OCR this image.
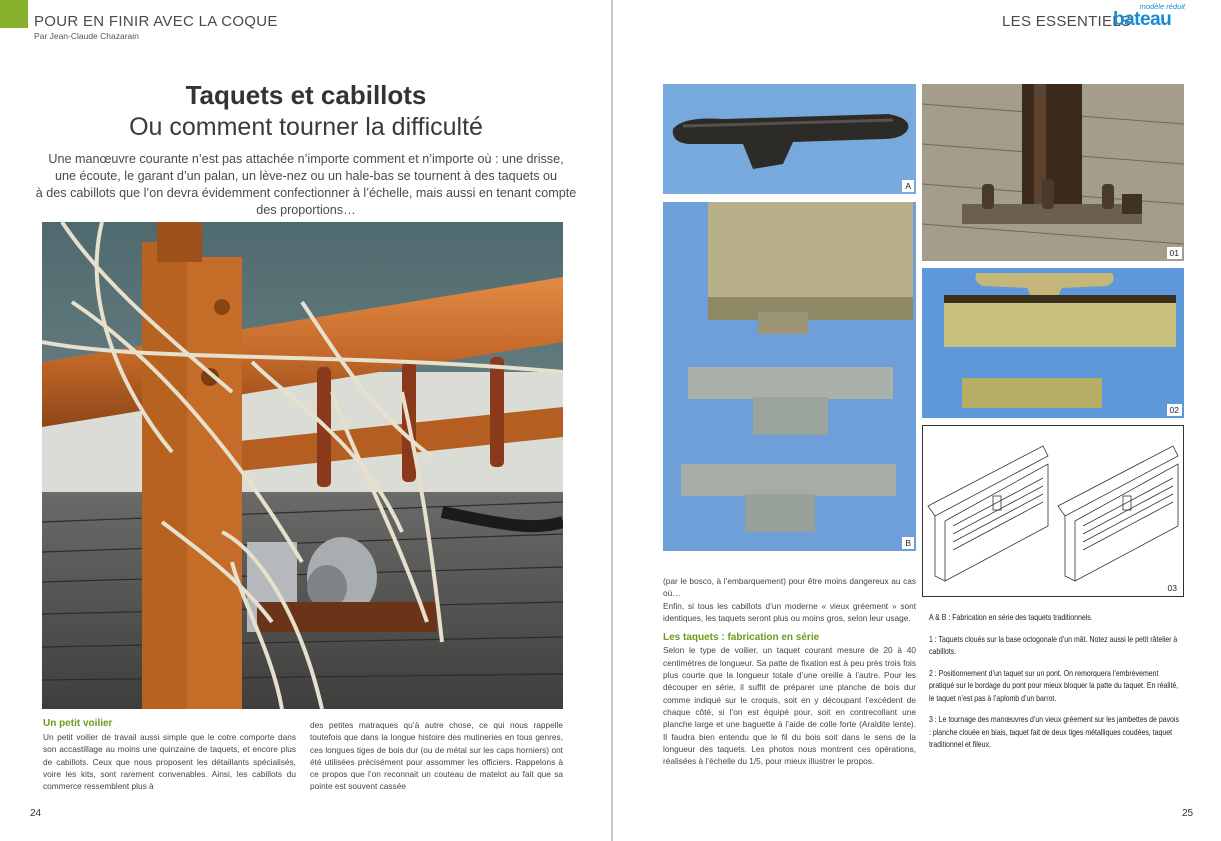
POUR EN FINIR AVEC LA COQUE
Par Jean-Claude Chazarain
Taquets et cabillots
Ou comment tourner la difficulté
Une manœuvre courante n’est pas attachée n’importe comment et n’importe où : une drisse,
une écoute, le garant d’un palan, un lève-nez ou un hale-bas se tournent à des taquets ou
à des cabillots que l’on devra évidemment confectionner à l’échelle, mais aussi en tenant compte
des proportions…
Un petit voilier
Un petit voilier de travail aussi simple que le cotre comporte dans son accastillage au moins une quinzaine de taquets, et encore plus de cabillots. Ceux que nous proposent les détaillants spécialisés, voire les kits, sont rarement convenables. Ainsi, les cabillots du commerce ressemblent plus à
des petites matraques qu’à autre chose, ce qui nous rappelle toutefois que dans la longue histoire des mutineries en tous genres, ces longues tiges de bois dur (ou de métal sur les caps horniers) ont été utilisées précisément pour assommer les officiers. Rappelons à ce propos que l’on reconnait un couteau de matelot au fait que sa pointe est souvent cassée
24
LES ESSENTIELS
modèle réduit
bateau
A
B
01
02
03
(par le bosco, à l’embarquement) pour être moins dangereux au cas où…
Enfin, si tous les cabillots d’un moderne « vieux gréement » sont identiques, les taquets seront plus ou moins gros, selon leur usage.
Les taquets : fabrication en série
Selon le type de voilier, un taquet courant mesure de 20 à 40 centimètres de longueur. Sa patte de fixation est à peu près trois fois plus courte que la longueur totale d’une oreille à l’autre. Pour les découper en série, il suffit de préparer une planche de bois dur comme indiqué sur le croquis, soit en y découpant l’excédent de chaque côté, si l’on est équipé pour, soit en contrecollant une planche large et une baguette à l’aide de colle forte (Araldite lente). Il faudra bien entendu que le fil du bois soit dans le sens de la longueur des taquets. Les photos nous montrent ces opérations, réalisées à l’échelle du 1/5, pour mieux illustrer le propos.

A & B : Fabrication en série des taquets traditionnels.

1 : Taquets cloués sur la base octogonale d’un mât. Notez aussi le petit râtelier à cabillots.

2 : Positionnement d’un taquet sur un pont. On remorquera l’embrèvement pratiqué sur le bordage du pont pour mieux bloquer la patte du taquet. En réalité, le taquet n’est pas à l’aplomb d’un barrot.

3 : Le tournage des manœuvres d’un vieux gréement sur les jambettes de pavois : planche clouée en biais, taquet fait de deux tiges métalliques coudées, taquet traditionnel et fileux.

25
